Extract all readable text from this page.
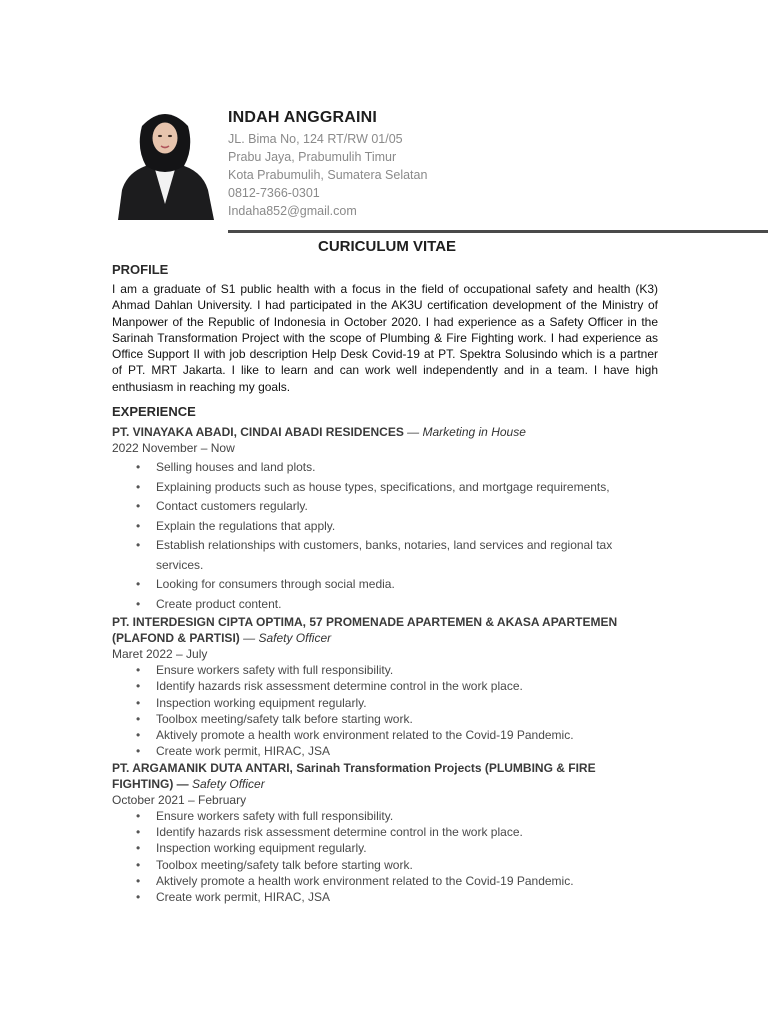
INDAH ANGGRAINI
JL. Bima No, 124 RT/RW 01/05
Prabu Jaya, Prabumulih Timur
Kota Prabumulih, Sumatera Selatan
0812-7366-0301
Indaha852@gmail.com
CURICULUM VITAE
PROFILE
I am a graduate of S1 public health with a focus in the field of occupational safety and health (K3) Ahmad Dahlan University. I had participated in the AK3U certification development of the Ministry of Manpower of the Republic of Indonesia in October 2020. I had experience as a Safety Officer in the Sarinah Transformation Project with the scope of Plumbing & Fire Fighting work. I had experience as Office Support II with job description Help Desk Covid-19 at PT. Spektra Solusindo which is a partner of PT. MRT Jakarta. I like to learn and can work well independently and in a team. I have high enthusiasm in reaching my goals.
EXPERIENCE
PT. VINAYAKA ABADI, CINDAI ABADI RESIDENCES — Marketing in House
2022 November – Now
• Selling houses and land plots.
• Explaining products such as house types, specifications, and mortgage requirements,
• Contact customers regularly.
• Explain the regulations that apply.
• Establish relationships with customers, banks, notaries, land services and regional tax services.
• Looking for consumers through social media.
• Create product content.
PT. INTERDESIGN CIPTA OPTIMA, 57 PROMENADE APARTEMEN & AKASA APARTEMEN (PLAFOND & PARTISI) — Safety Officer
Maret 2022 – July
• Ensure workers safety with full responsibility.
• Identify hazards risk assessment determine control in the work place.
• Inspection working equipment regularly.
• Toolbox meeting/safety talk before starting work.
• Aktively promote a health work environment related to the Covid-19 Pandemic.
• Create work permit, HIRAC, JSA
PT. ARGAMANIK DUTA ANTARI, Sarinah Transformation Projects (PLUMBING & FIRE FIGHTING) — Safety Officer
October 2021 – February
• Ensure workers safety with full responsibility.
• Identify hazards risk assessment determine control in the work place.
• Inspection working equipment regularly.
• Toolbox meeting/safety talk before starting work.
• Aktively promote a health work environment related to the Covid-19 Pandemic.
• Create work permit, HIRAC, JSA
